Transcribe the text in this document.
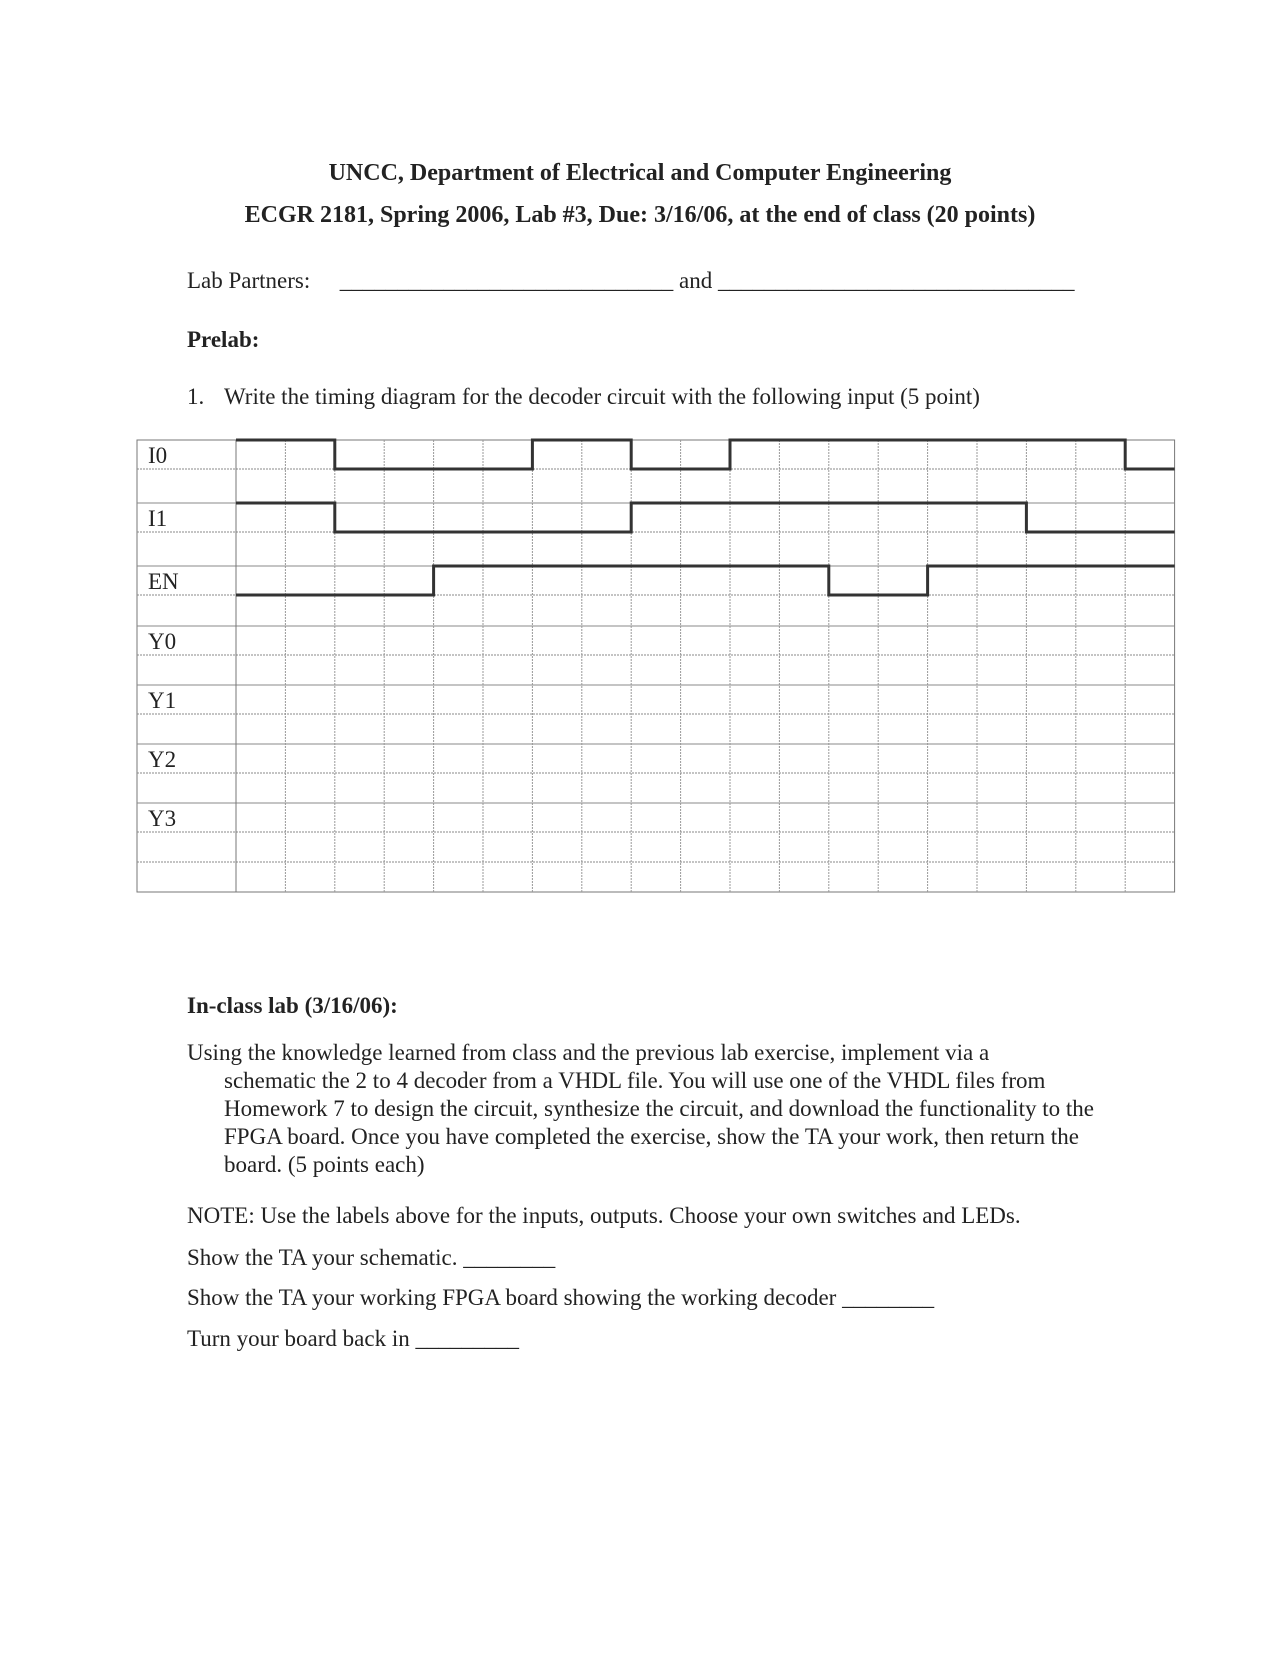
UNCC, Department of Electrical and Computer Engineering
ECGR 2181, Spring 2006, Lab #3, Due: 3/16/06, at the end of class (20 points)
Lab Partners: _____________________________ and _______________________________
Prelab:
1. Write the timing diagram for the decoder circuit with the following input (5 point)
I0
I1
EN
Y0
Y1
Y2
Y3
In-class lab (3/16/06):
Using the knowledge learned from class and the previous lab exercise, implement via a
schematic the 2 to 4 decoder from a VHDL file. You will use one of the VHDL files from Homework 7 to design the circuit, synthesize the circuit, and download the functionality to the FPGA board. Once you have completed the exercise, show the TA your work, then return the board. (5 points each)
NOTE: Use the labels above for the inputs, outputs. Choose your own switches and LEDs.
Show the TA your schematic. ________
Show the TA your working FPGA board showing the working decoder ________
Turn your board back in _________
